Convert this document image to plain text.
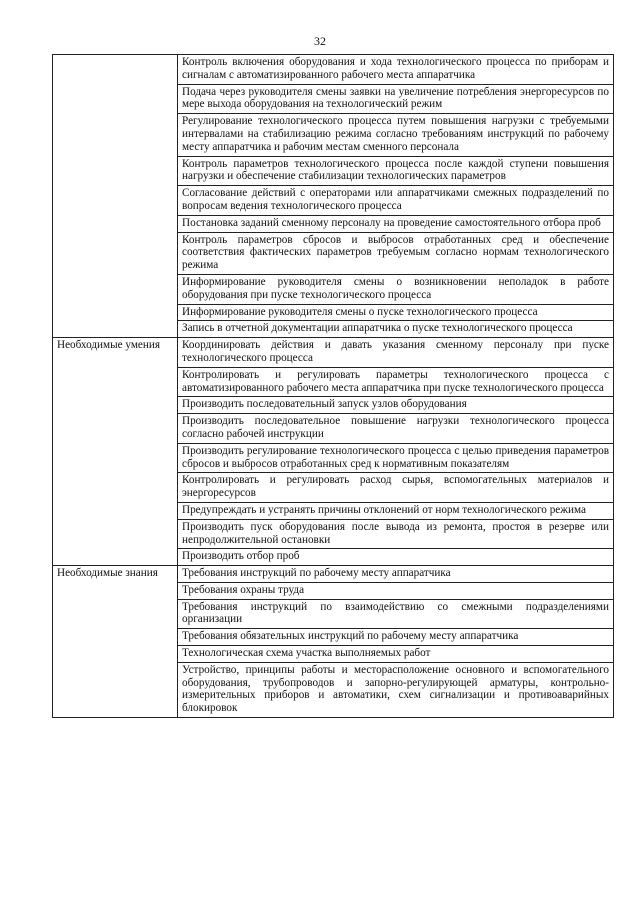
32
	Контроль включения оборудования и хода технологического процесса по приборам и сигналам с автоматизированного рабочего места аппаратчика
	Подача через руководителя смены заявки на увеличение потребления энергоресурсов по мере выхода оборудования на технологический режим
	Регулирование технологического процесса путем повышения нагрузки с требуемыми интервалами на стабилизацию режима согласно требованиям инструкций по рабочему месту аппаратчика и рабочим местам сменного персонала
	Контроль параметров технологического процесса после каждой ступени повышения нагрузки и обеспечение стабилизации технологических параметров
	Согласование действий с операторами или аппаратчиками смежных подразделений по вопросам ведения технологического процесса
	Постановка заданий сменному персоналу на проведение самостоятельного отбора проб
	Контроль параметров сбросов и выбросов отработанных сред и обеспечение соответствия фактических параметров требуемым согласно нормам технологического режима
	Информирование руководителя смены о возникновении неполадок в работе оборудования при пуске технологического процесса
	Информирование руководителя смены о пуске технологического процесса
	Запись в отчетной документации аппаратчика о пуске технологического процесса
Необходимые умения	Координировать действия и давать указания сменному персоналу при пуске технологического процесса
	Контролировать и регулировать параметры технологического процесса с автоматизированного рабочего места аппаратчика при пуске технологического процесса
	Производить последовательный запуск узлов оборудования
	Производить последовательное повышение нагрузки технологического процесса согласно рабочей инструкции
	Производить регулирование технологического процесса с целью приведения параметров сбросов и выбросов отработанных сред к нормативным показателям
	Контролировать и регулировать расход сырья, вспомогательных материалов и энергоресурсов
	Предупреждать и устранять причины отклонений от норм технологического режима
	Производить пуск оборудования после вывода из ремонта, простоя в резерве или непродолжительной остановки
	Производить отбор проб
Необходимые знания	Требования инструкций по рабочему месту аппаратчика
	Требования охраны труда
	Требования инструкций по взаимодействию со смежными подразделениями организации
	Требования обязательных инструкций по рабочему месту аппаратчика
	Технологическая схема участка выполняемых работ
	Устройство, принципы работы и месторасположение основного и вспомогательного оборудования, трубопроводов и запорно-регулирующей арматуры, контрольно-измерительных приборов и автоматики, схем сигнализации и противоаварийных блокировок
